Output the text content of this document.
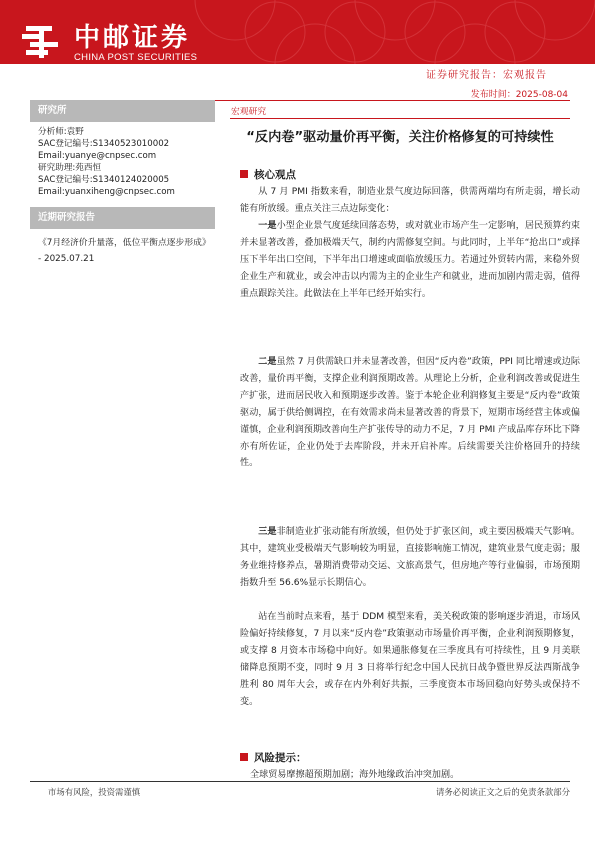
中邮证券
CHINA POST SECURITIES
证券研究报告：宏观报告
发布时间：2025-08-04
研究所
分析师:袁野
SAC登记编号:S1340523010002
Email:yuanye@cnpsec.com
研究助理:苑西恒
SAC登记编号:S1340124020005
Email:yuanxiheng@cnpsec.com
近期研究报告
《7月经济价升量落，低位平衡点逐步形成》 - 2025.07.21
宏观研究
“反内卷”驱动量价再平衡，关注价格修复的可持续性
核心观点
从 7 月 PMI 指数来看，制造业景气度边际回落，供需两端均有所走弱，增长动能有所放缓。重点关注三点边际变化：
一是小型企业景气度延续回落态势，或对就业市场产生一定影响，居民预算约束并未显著改善，叠加极端天气，制约内需修复空间。与此同时，上半年“抢出口”或择压下半年出口空间，下半年出口增速或面临放缓压力。若通过外贸转内需，来稳外贸企业生产和就业，或会冲击以内需为主的企业生产和就业，进而加剧内需走弱，值得重点跟踪关注。此做法在上半年已经开始实行。
二是虽然 7 月供需缺口并未显著改善，但因“反内卷”政策，PPI 同比增速或边际改善，量价再平衡，支撑企业利润预期改善。从理论上分析，企业利润改善或促进生产扩张，进而居民收入和预期逐步改善。鉴于本轮企业利润修复主要是“反内卷”政策驱动，属于供给侧调控，在有效需求尚未显著改善的背景下，短期市场经营主体或偏谨慎，企业利润预期改善向生产扩张传导的动力不足，7 月 PMI 产成品库存环比下降亦有所佐证，企业仍处于去库阶段，并未开启补库。后续需要关注价格回升的持续性。
三是非制造业扩张动能有所放缓，但仍处于扩张区间，或主要因极端天气影响。其中，建筑业受极端天气影响较为明显，直接影响施工情况，建筑业景气度走弱；服务业维持修养点，暑期消费带动交运、文旅高景气，但房地产等行业偏弱，市场预期指数升至 56.6%显示长期信心。
站在当前时点来看，基于 DDM 模型来看，美关税政策的影响逐步消退，市场风险偏好持续修复，7 月以来“反内卷”政策驱动市场量价再平衡，企业利润预期修复，或支撑 8 月资本市场稳中向好。如果通胀修复在三季度具有可持续性，且 9 月美联储降息预期不变，同时 9 月 3 日将举行纪念中国人民抗日战争暨世界反法西斯战争胜利 80 周年大会，或存在内外利好共振，三季度资本市场回稳向好势头或保持不变。
风险提示：
全球贸易摩擦超预期加剧；海外地缘政治冲突加剧。
市场有风险，投资需谨慎	请务必阅读正文之后的免责条款部分
